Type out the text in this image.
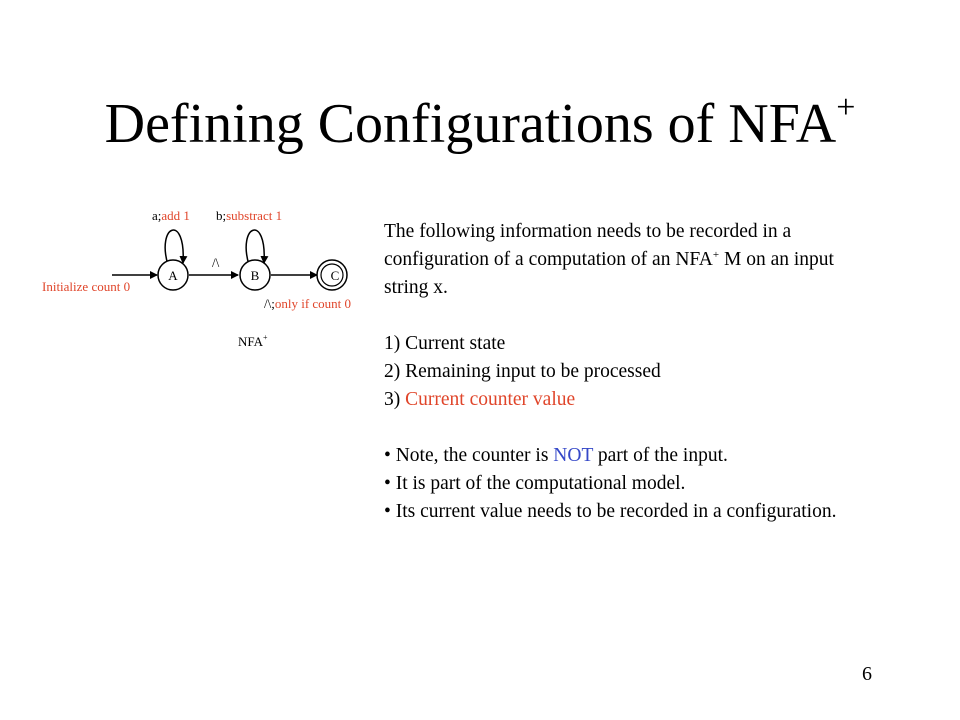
Defining Configurations of NFA+
A	B	C
a;add 1 b;substract 1
/\
Initialize count 0
/\;only if count 0
NFA+

The following information needs to be recorded in a

configuration of a computation of an NFA+ M on an input

string x.

1) Current state

2) Remaining input to be processed

3) Current counter value

• Note, the counter is NOT part of the input.

• It is part of the computational model.

• Its current value needs to be recorded in a configuration.

6
